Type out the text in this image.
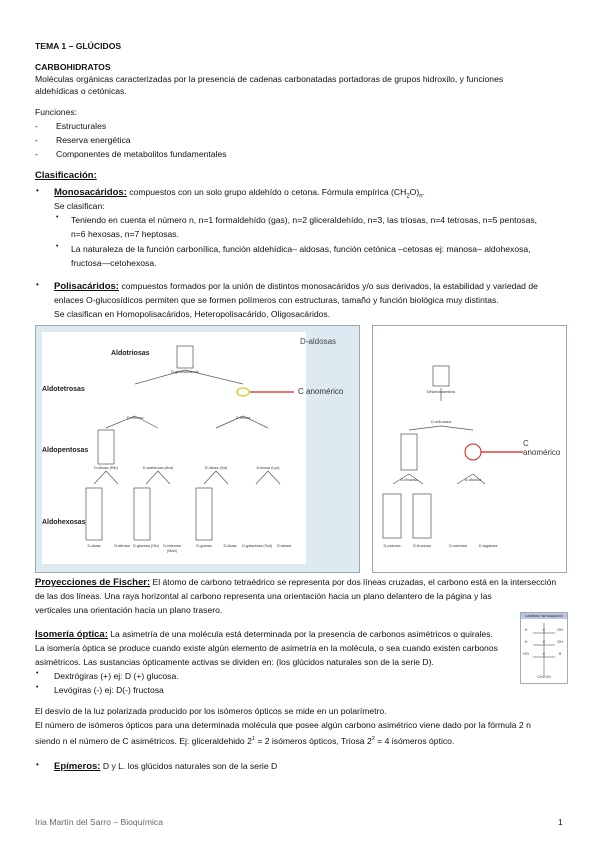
TEMA 1 – GLÚCIDOS
CARBOHIDRATOS
Moléculas orgánicas caracterizadas por la presencia de cadenas carbonatadas portadoras de grupos hidroxilo, y funciones
aldehídicas o cetónicas.
Funciones:
- Estructurales
- Reserva energética
- Componentes de metabolitos fundamentales
Clasificación:
• Monosacáridos: compuestos con un solo grupo aldehído o cetona. Fórmula empírica $(CH_2O)_n$.
Se clasifican:
• Teniendo en cuenta el número n, n=1 formaldehído (gas), n=2 gliceraldehído, n=3, las triosas, n=4 tetrosas, n=5 pentosas,
n=6 hexosas, n=7 heptosas.
• La naturaleza de la función carbonílica, función aldehídica– aldosas, función cetónica –cetosas ej: manosa– aldohexosa,
fructosa—cetohexosa.
• Polisacáridos: compuestos formados por la unión de distintos monosacáridos y/o sus derivados, la estabilidad y variedad de
enlaces O-glucosídicos permiten que se formen polímeros con estructuras, tamaño y función biológica muy distintas.
Se clasifican en Homopolisacáridos, Heteropolisacárido, Oligosacáridos.
D-aldosas
C anomérico
Aldotriosas
Aldotetrosas
Aldopentosas
Aldohexosas
D-gliceraldehído
D-eritrosa	D-treosa
D-ribosa (Rib)	D-arabinosa (Ara)	D-xilosa (Xyl)	D-lixosa (Lyx)
D-alosa	D-altrosa D-glucosa (Glc)	D-manosa (Man)
D-gulosa	D-idosa	D-galactosa (Gal)	D-talosa
C anomérico
Dihidroxiacetona
D-eritrulosa
D-ribulosa	D-xilulosa
D-psicosa	D-fructosa	D-sorbosa	D-tagatosa
Proyecciones de Fischer: El átomo de carbono tetraédrico se representa por dos líneas cruzadas, el carbono está en la intersección
de las dos líneas. Una raya horizontal al carbono representa una orientación hacia un plano delantero de la página y las
verticales una orientación hacia un plano trasero.
CARBONO TETRAÉDRICO
H	C	OH
H	C	OH
HO	C	H
CH2OH
Isomería óptica: La asimetría de una molécula está determinada por la presencia de carbonos asimétricos o quirales.
La isomería óptica se produce cuando existe algún elemento de asimetría en la molécula, o sea cuando existen carbonos
asimétricos. Las sustancias ópticamente activas se dividen en: (los glúcidos naturales son de la serie D).
• Dextrógiras (+) ej: D (+) glucosa.
• Levógiras (-) ej: D(-) fructosa
El desvío de la luz polarizada producido por los isómeros ópticos se mide en un polarímetro.
El número de isómeros ópticos para una determinada molécula que posee algún carbono asimétrico viene dado por la fórmula 2 n
siendo n el número de C asimétricos. Ej: gliceraldehido $2^1 = 2$ isómeros ópticos, Triosa $2^2 = 4$ isómeros óptico.
• Epímeros: D y L. los glúcidos naturales son de la serie D
Iria Martín del Sarro – Bioquímica	1
